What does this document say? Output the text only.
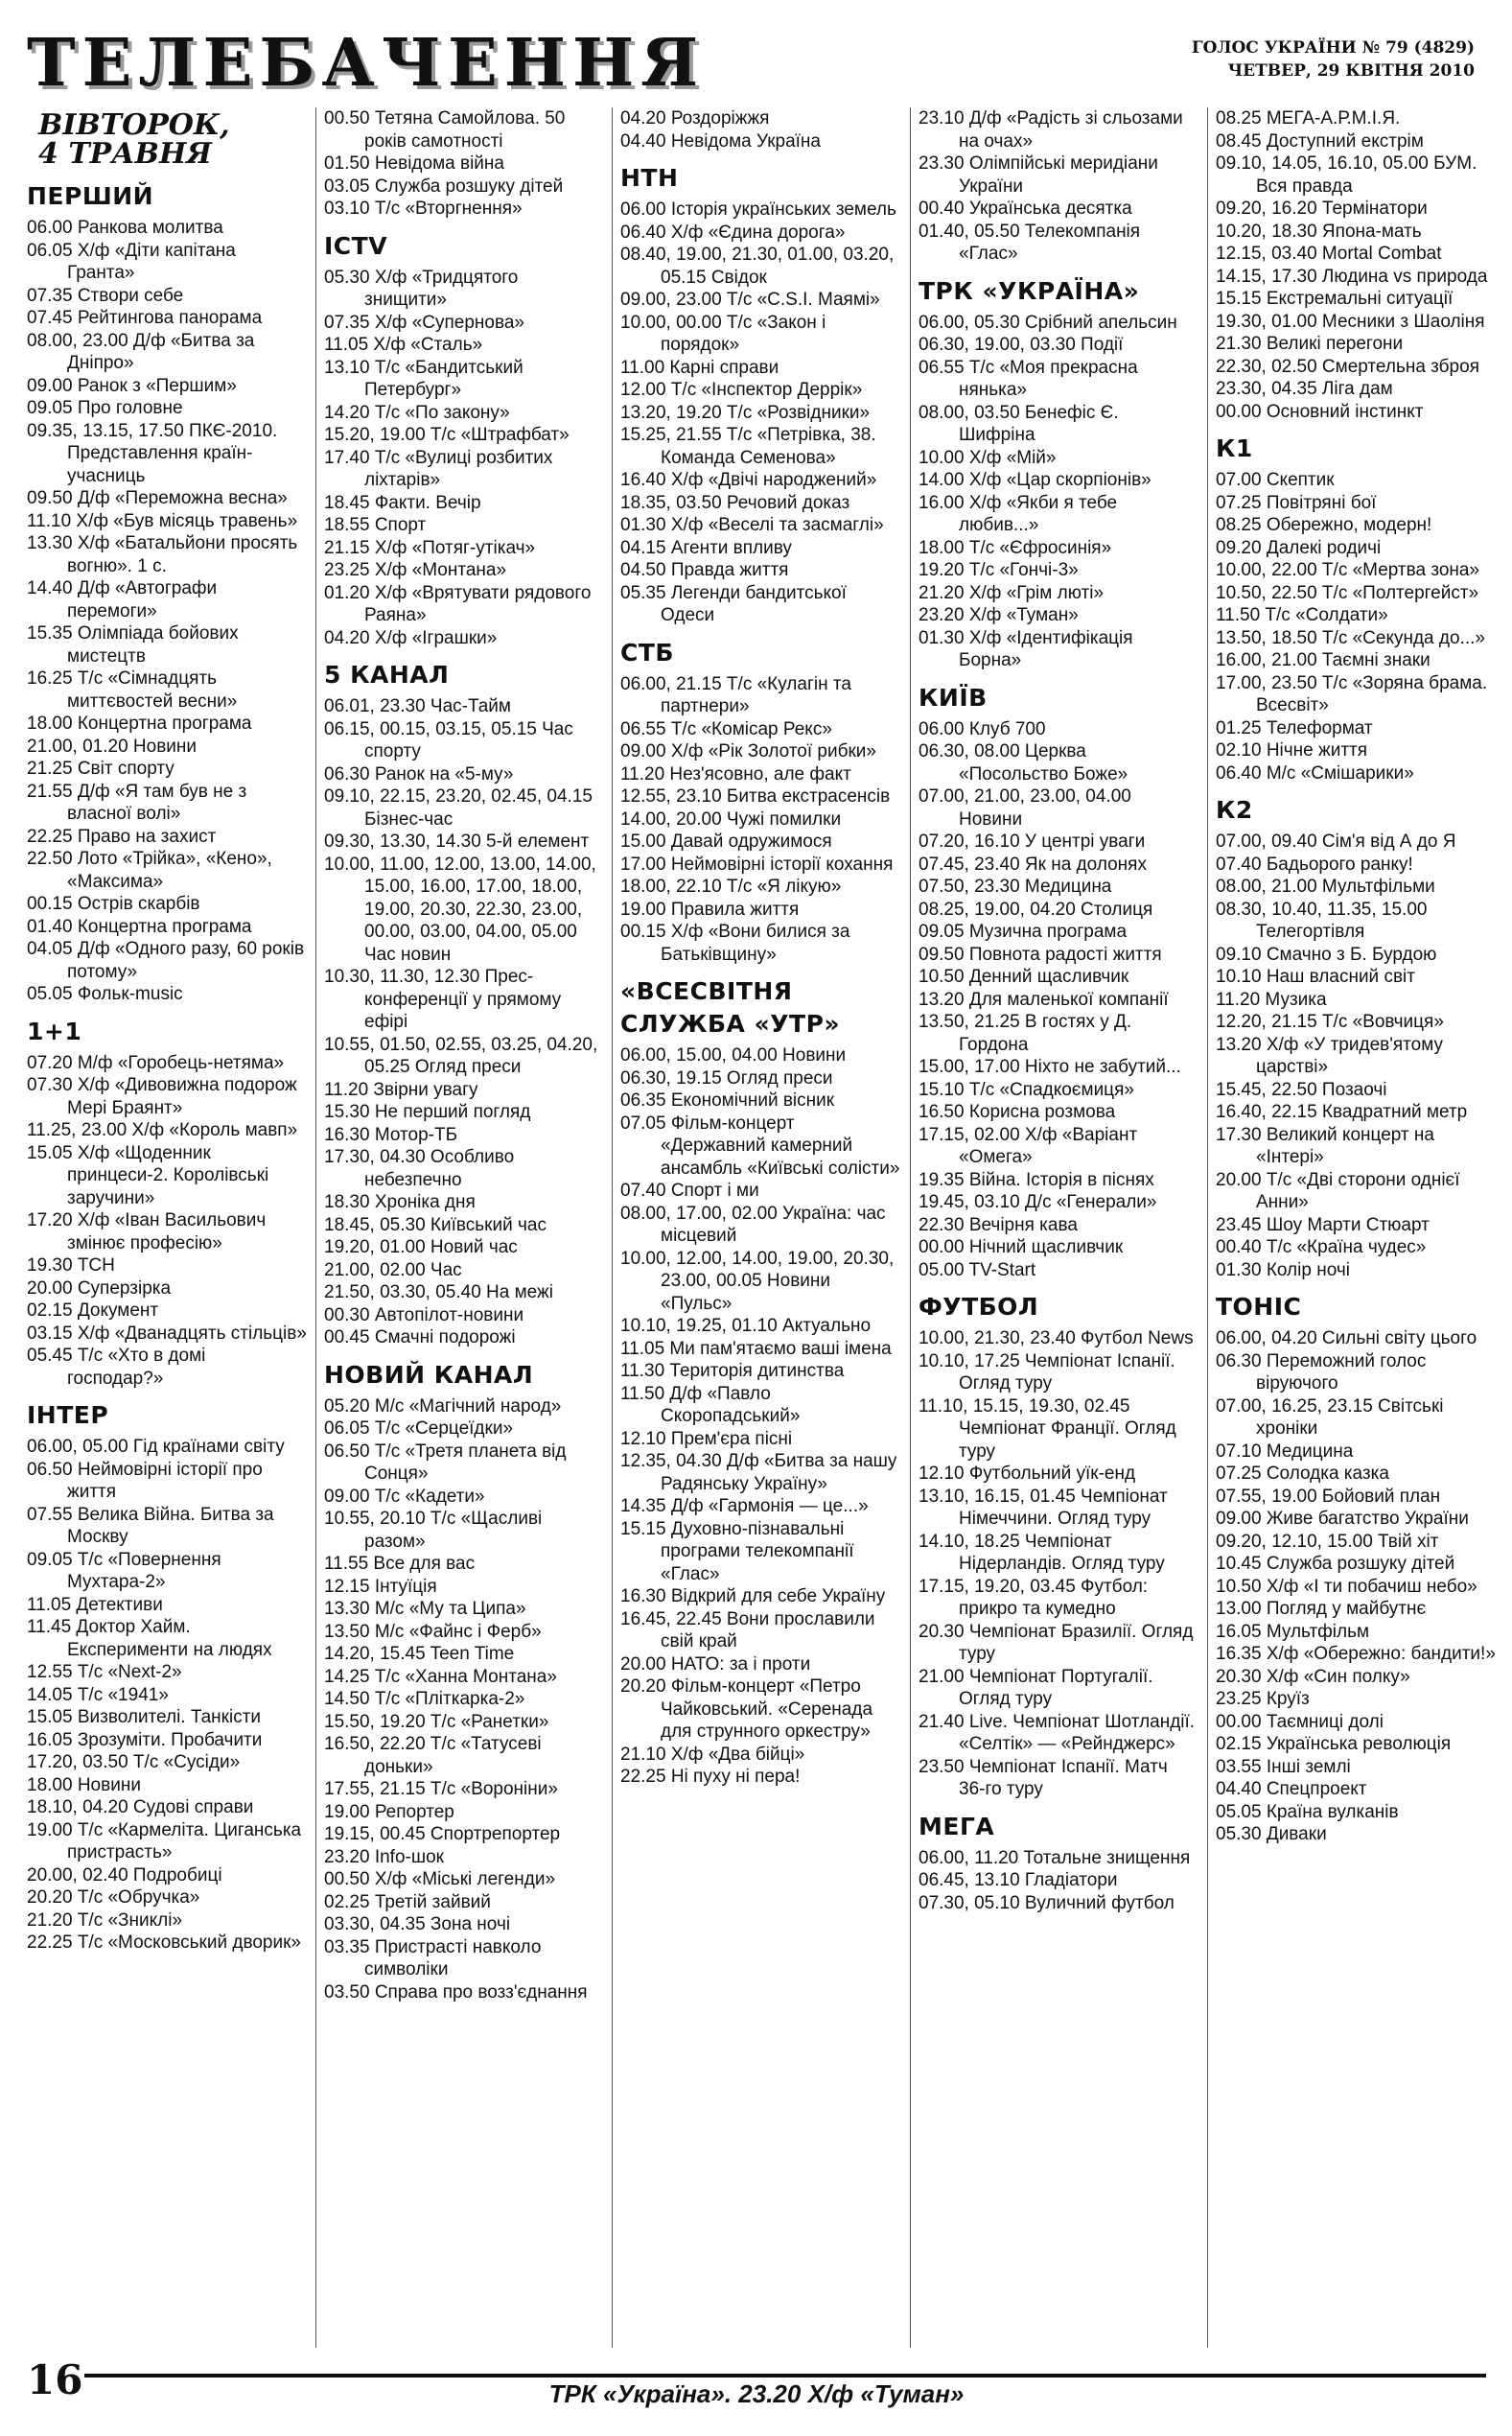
ТЕЛЕБАЧЕННЯ	ГОЛОС УКРАЇНИ № 79 (4829)
ЧЕТВЕР, 29 КВІТНЯ 2010
ВІВТОРОК,
4 ТРАВНЯ
ПЕРШИЙ
06.00 Ранкова молитва
06.05 Х/ф «Діти капітана Гранта»
07.35 Створи себе
07.45 Рейтингова панорама
08.00, 23.00 Д/ф «Битва за Дніпро»
09.00 Ранок з «Першим»
09.05 Про головне
09.35, 13.15, 17.50 ПКЄ-2010. Представлення країн-учасниць
09.50 Д/ф «Переможна весна»
11.10 Х/ф «Був місяць травень»
13.30 Х/ф «Батальйони просять вогню». 1 с.
14.40 Д/ф «Автографи перемоги»
15.35 Олімпіада бойових мистецтв
16.25 Т/с «Сімнадцять миттєвостей весни»
18.00 Концертна програма
21.00, 01.20 Новини
21.25 Світ спорту
21.55 Д/ф «Я там був не з власної волі»
22.25 Право на захист
22.50 Лото «Трійка», «Кено», «Максима»
00.15 Острів скарбів
01.40 Концертна програма
04.05 Д/ф «Одного разу, 60 років потому»
05.05 Фольк-music
1+1
07.20 М/ф «Горобець-нетяма»
07.30 Х/ф «Дивовижна подорож Мері Браянт»
11.25, 23.00 Х/ф «Король мавп»
15.05 Х/ф «Щоденник принцеси-2. Королівські заручини»
17.20 Х/ф «Іван Васильович змінює професію»
19.30 ТСН
20.00 Суперзірка
02.15 Документ
03.15 Х/ф «Дванадцять стільців»
05.45 Т/с «Хто в домі господар?»
ІНТЕР
06.00, 05.00 Гід країнами світу
06.50 Неймовірні історії про життя
07.55 Велика Війна. Битва за Москву
09.05 Т/с «Повернення Мухтара-2»
11.05 Детективи
11.45 Доктор Хайм. Експерименти на людях
12.55 Т/с «Next-2»
14.05 Т/с «1941»
15.05 Визволителі. Танкісти
16.05 Зрозуміти. Пробачити
17.20, 03.50 Т/с «Сусіди»
18.00 Новини
18.10, 04.20 Судові справи
19.00 Т/с «Кармеліта. Циганська пристрасть»
20.00, 02.40 Подробиці
20.20 Т/с «Обручка»
21.20 Т/с «Зниклі»
22.25 Т/с «Московський дворик»
00.50 Тетяна Самойлова. 50 років самотності
01.50 Невідома війна
03.05 Служба розшуку дітей
03.10 Т/с «Вторгнення»
ICTV
05.30 Х/ф «Тридцятого знищити»
07.35 Х/ф «Супернова»
11.05 Х/ф «Сталь»
13.10 Т/с «Бандитський Петербург»
14.20 Т/с «По закону»
15.20, 19.00 Т/с «Штрафбат»
17.40 Т/с «Вулиці розбитих ліхтарів»
18.45 Факти. Вечір
18.55 Спорт
21.15 Х/ф «Потяг-утікач»
23.25 Х/ф «Монтана»
01.20 Х/ф «Врятувати рядового Раяна»
04.20 Х/ф «Іграшки»
5 КАНАЛ
06.01, 23.30 Час-Тайм
06.15, 00.15, 03.15, 05.15 Час спорту
06.30 Ранок на «5-му»
09.10, 22.15, 23.20, 02.45, 04.15 Бізнес-час
09.30, 13.30, 14.30 5-й елемент
10.00, 11.00, 12.00, 13.00, 14.00, 15.00, 16.00, 17.00, 18.00, 19.00, 20.30, 22.30, 23.00, 00.00, 03.00, 04.00, 05.00 Час новин
10.30, 11.30, 12.30 Прес-конференції у прямому ефірі
10.55, 01.50, 02.55, 03.25, 04.20, 05.25 Огляд преси
11.20 Звірни увагу
15.30 Не перший погляд
16.30 Мотор-ТБ
17.30, 04.30 Особливо небезпечно
18.30 Хроніка дня
18.45, 05.30 Київський час
19.20, 01.00 Новий час
21.00, 02.00 Час
21.50, 03.30, 05.40 На межі
00.30 Автопілот-новини
00.45 Смачні подорожі
НОВИЙ КАНАЛ
05.20 М/с «Магічний народ»
06.05 Т/с «Серцеїдки»
06.50 Т/с «Третя планета від Сонця»
09.00 Т/с «Кадети»
10.55, 20.10 Т/с «Щасливі разом»
11.55 Все для вас
12.15 Інтуїція
13.30 М/с «Му та Ципа»
13.50 М/с «Файнс і Ферб»
14.20, 15.45 Teen Time
14.25 Т/с «Ханна Монтана»
14.50 Т/с «Пліткарка-2»
15.50, 19.20 Т/с «Ранетки»
16.50, 22.20 Т/с «Татусеві доньки»
17.55, 21.15 Т/с «Вороніни»
19.00 Репортер
19.15, 00.45 Спортрепортер
23.20 Info-шок
00.50 Х/ф «Міські легенди»
02.25 Третій зайвий
03.30, 04.35 Зона ночі
03.35 Пристрасті навколо символіки
03.50 Справа про возз'єднання
04.20 Роздоріжжя
04.40 Невідома Україна
НТН
06.00 Історія українських земель
06.40 Х/ф «Єдина дорога»
08.40, 19.00, 21.30, 01.00, 03.20, 05.15 Свідок
09.00, 23.00 Т/с «C.S.I. Маямі»
10.00, 00.00 Т/с «Закон і порядок»
11.00 Карні справи
12.00 Т/с «Інспектор Деррік»
13.20, 19.20 Т/с «Розвідники»
15.25, 21.55 Т/с «Петрівка, 38. Команда Семенова»
16.40 Х/ф «Двічі народжений»
18.35, 03.50 Речовий доказ
01.30 Х/ф «Веселі та засмаглі»
04.15 Агенти впливу
04.50 Правда життя
05.35 Легенди бандитської Одеси
СТБ
06.00, 21.15 Т/с «Кулагін та партнери»
06.55 Т/с «Комісар Рекс»
09.00 Х/ф «Рік Золотої рибки»
11.20 Нез'ясовно, але факт
12.55, 23.10 Битва екстрасенсів
14.00, 20.00 Чужі помилки
15.00 Давай одружимося
17.00 Неймовірні історії кохання
18.00, 22.10 Т/с «Я лікую»
19.00 Правила життя
00.15 Х/ф «Вони билися за Батьківщину»
«ВСЕСВІТНЯ СЛУЖБА «УТР»
06.00, 15.00, 04.00 Новини
06.30, 19.15 Огляд преси
06.35 Економічний вісник
07.05 Фільм-концерт «Державний камерний ансамбль «Київські солісти»
07.40 Спорт і ми
08.00, 17.00, 02.00 Україна: час місцевий
10.00, 12.00, 14.00, 19.00, 20.30, 23.00, 00.05 Новини «Пульс»
10.10, 19.25, 01.10 Актуально
11.05 Ми пам'ятаємо ваші імена
11.30 Територія дитинства
11.50 Д/ф «Павло Скоропадський»
12.10 Прем'єра пісні
12.35, 04.30 Д/ф «Битва за нашу Радянську Україну»
14.35 Д/ф «Гармонія — це...»
15.15 Духовно-пізнавальні програми телекомпанії «Глас»
16.30 Відкрий для себе Україну
16.45, 22.45 Вони прославили свій край
20.00 НАТО: за і проти
20.20 Фільм-концерт «Петро Чайковський. «Серенада для струнного оркестру»
21.10 Х/ф «Два бійці»
22.25 Ні пуху ні пера!
23.10 Д/ф «Радість зі сльозами на очах»
23.30 Олімпійські меридіани України
00.40 Українська десятка
01.40, 05.50 Телекомпанія «Глас»
ТРК «УКРАЇНА»
06.00, 05.30 Срібний апельсин
06.30, 19.00, 03.30 Події
06.55 Т/с «Моя прекрасна нянька»
08.00, 03.50 Бенефіс Є. Шифріна
10.00 Х/ф «Мій»
14.00 Х/ф «Цар скорпіонів»
16.00 Х/ф «Якби я тебе любив...»
18.00 Т/с «Єфросинія»
19.20 Т/с «Гончі-3»
21.20 Х/ф «Грім люті»
23.20 Х/ф «Туман»
01.30 Х/ф «Ідентифікація Борна»
КИЇВ
06.00 Клуб 700
06.30, 08.00 Церква «Посольство Боже»
07.00, 21.00, 23.00, 04.00 Новини
07.20, 16.10 У центрі уваги
07.45, 23.40 Як на долонях
07.50, 23.30 Медицина
08.25, 19.00, 04.20 Столиця
09.05 Музична програма
09.50 Повнота радості життя
10.50 Денний щасливчик
13.20 Для маленької компанії
13.50, 21.25 В гостях у Д. Гордона
15.00, 17.00 Ніхто не забутий...
15.10 Т/с «Спадкоємиця»
16.50 Корисна розмова
17.15, 02.00 Х/ф «Варіант «Омега»
19.35 Війна. Історія в піснях
19.45, 03.10 Д/с «Генерали»
22.30 Вечірня кава
00.00 Нічний щасливчик
05.00 TV-Start
ФУТБОЛ
10.00, 21.30, 23.40 Футбол News
10.10, 17.25 Чемпіонат Іспанії. Огляд туру
11.10, 15.15, 19.30, 02.45 Чемпіонат Франції. Огляд туру
12.10 Футбольний уїк-енд
13.10, 16.15, 01.45 Чемпіонат Німеччини. Огляд туру
14.10, 18.25 Чемпіонат Нідерландів. Огляд туру
17.15, 19.20, 03.45 Футбол: прикро та кумедно
20.30 Чемпіонат Бразилії. Огляд туру
21.00 Чемпіонат Португалії. Огляд туру
21.40 Live. Чемпіонат Шотландії. «Селтік» — «Рейнджерс»
23.50 Чемпіонат Іспанії. Матч 36-го туру
МЕГА
06.00, 11.20 Тотальне знищення
06.45, 13.10 Гладіатори
07.30, 05.10 Вуличний футбол
08.25 МЕГА-А.Р.М.І.Я.
08.45 Доступний екстрім
09.10, 14.05, 16.10, 05.00 БУМ. Вся правда
09.20, 16.20 Термінатори
10.20, 18.30 Япона-мать
12.15, 03.40 Mortal Combat
14.15, 17.30 Людина vs природа
15.15 Екстремальні ситуації
19.30, 01.00 Месники з Шаоліня
21.30 Великі перегони
22.30, 02.50 Смертельна зброя
23.30, 04.35 Ліга дам
00.00 Основний інстинкт
К1
07.00 Скептик
07.25 Повітряні бої
08.25 Обережно, модерн!
09.20 Далекі родичі
10.00, 22.00 Т/с «Мертва зона»
10.50, 22.50 Т/с «Полтергейст»
11.50 Т/с «Солдати»
13.50, 18.50 Т/с «Секунда до...»
16.00, 21.00 Таємні знаки
17.00, 23.50 Т/с «Зоряна брама. Всесвіт»
01.25 Телеформат
02.10 Нічне життя
06.40 М/с «Смішарики»
К2
07.00, 09.40 Сім'я від А до Я
07.40 Бадьорого ранку!
08.00, 21.00 Мультфільми
08.30, 10.40, 11.35, 15.00 Телегортівля
09.10 Смачно з Б. Бурдою
10.10 Наш власний світ
11.20 Музика
12.20, 21.15 Т/с «Вовчиця»
13.20 Х/ф «У тридев'ятому царстві»
15.45, 22.50 Позаочі
16.40, 22.15 Квадратний метр
17.30 Великий концерт на «Інтері»
20.00 Т/с «Дві сторони однієї Анни»
23.45 Шоу Марти Стюарт
00.40 Т/с «Країна чудес»
01.30 Колір ночі
TOHIC
06.00, 04.20 Сильні світу цього
06.30 Переможний голос віруючого
07.00, 16.25, 23.15 Світські хроніки
07.10 Медицина
07.25 Солодка казка
07.55, 19.00 Бойовий план
09.00 Живе багатство України
09.20, 12.10, 15.00 Твій хіт
10.45 Служба розшуку дітей
10.50 Х/ф «І ти побачиш небо»
13.00 Погляд у майбутнє
16.05 Мультфільм
16.35 Х/ф «Обережно: бандити!»
20.30 Х/ф «Син полку»
23.25 Круїз
00.00 Таємниці долі
02.15 Українська революція
03.55 Інші землі
04.40 Спецпроект
05.05 Країна вулканів
05.30 Диваки
16	ТРК «Україна». 23.20 Х/ф «Туман»
